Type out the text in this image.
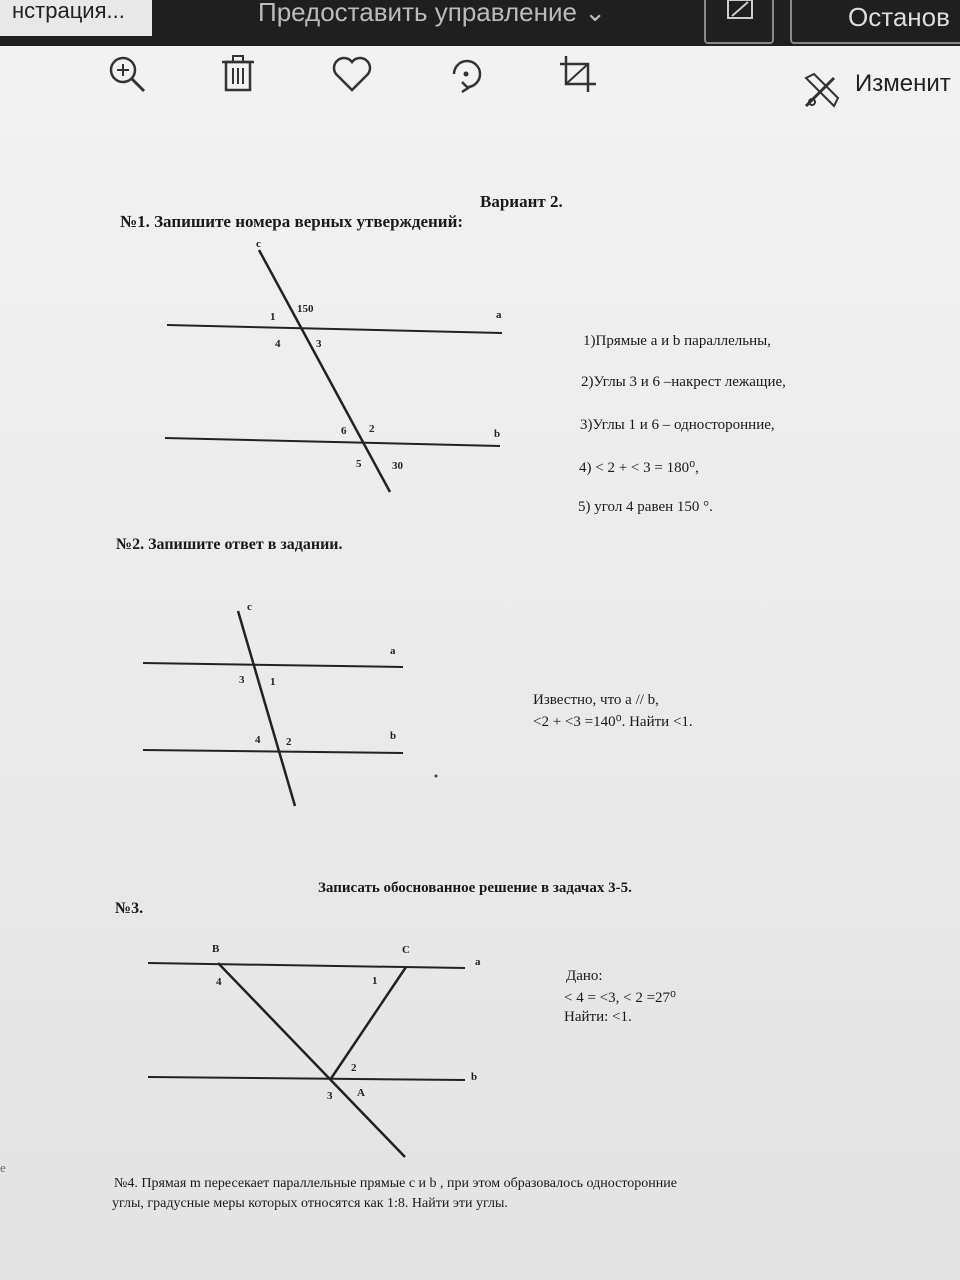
нстрация...	Предоставить управление ⌄	Останов
Изменит
Вариант 2.
№1. Запишите номера верных утверждений:
c
a
b
150
1
4	3
6 2
5	30
1)Прямые а и b параллельны,
2)Углы 3 и 6 –накрест лежащие,
3)Углы 1 и 6 – односторонние,
4) < 2 + < 3 = 180⁰,
5) угол 4 равен 150 °.
№2. Запишите ответ в задании.
c
a
b
3 1
4 2
Известно, что а // b,
<2 + <3 =140⁰. Найти <1.
Записать обоснованное решение в задачах 3-5.
№3.
B	C
a
b
4	1
2
3 A
Дано:
< 4 = <3, < 2 =27⁰
Найти: <1.
№4. Прямая m пересекает параллельные прямые с и b , при этом образовалось односторонние
углы, градусные меры которых относятся как 1:8. Найти эти углы.
е
